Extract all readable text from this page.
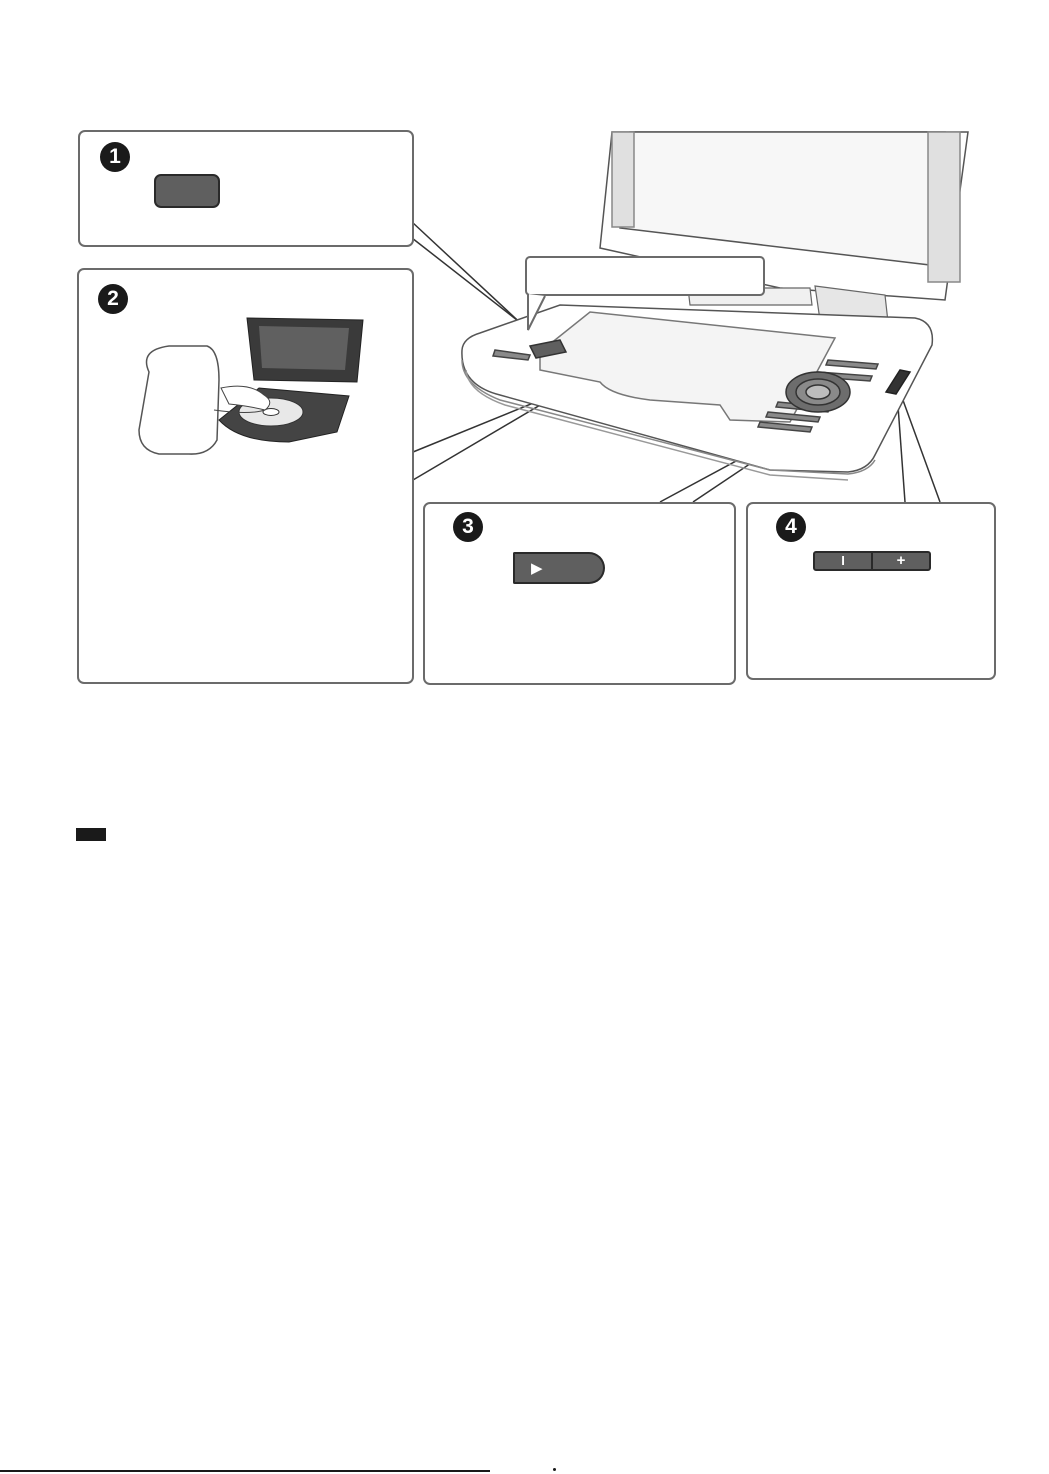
1
2
3
▶
4
I	+
